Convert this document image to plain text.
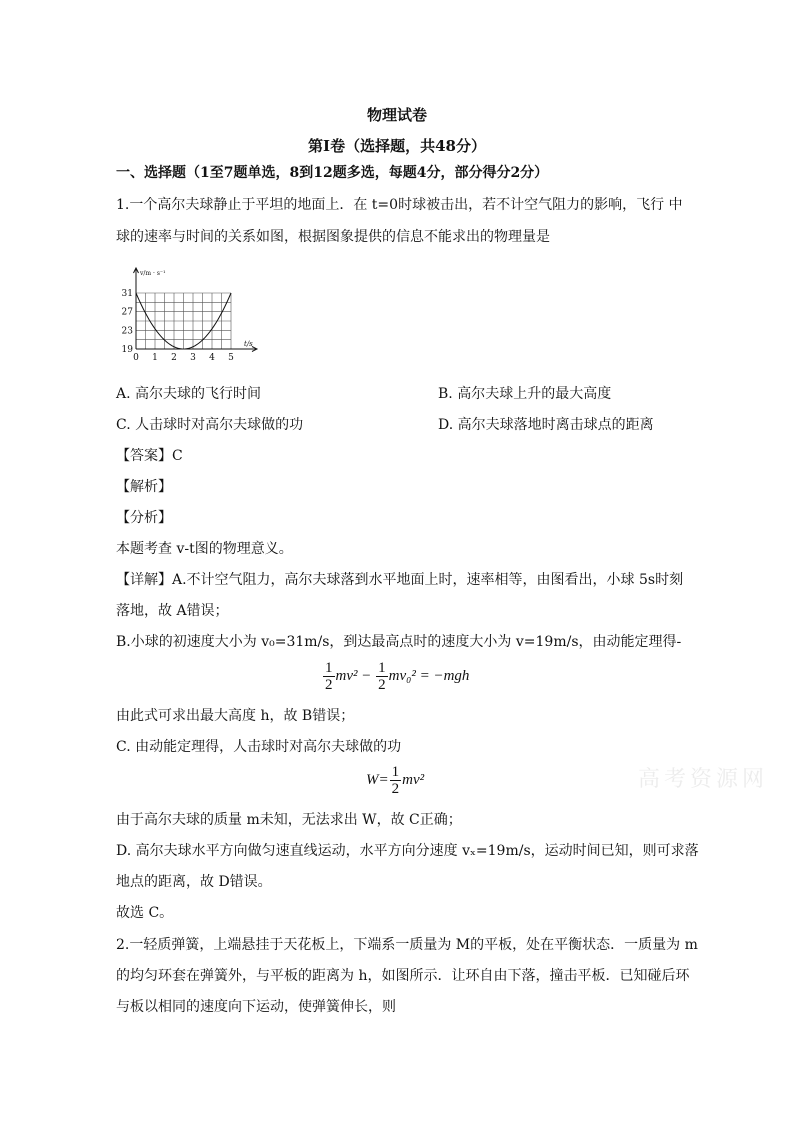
物理试卷
第Ⅰ卷（选择题，共48分）
一、选择题（1至7题单选，8到12题多选，每题4分，部分得分2分）
1.一个高尔夫球静止于平坦的地面上．在 t=0时球被击出，若不计空气阻力的影响，飞行 中
球的速率与时间的关系如图，根据图象提供的信息不能求出的物理量是
0 1 2 3 4 5
19
23
27
31
v/m · s⁻¹
t/s
A. 高尔夫球的飞行时间	B. 高尔夫球上升的最大高度
C. 人击球时对高尔夫球做的功	D. 高尔夫球落地时离击球点的距离
【答案】C
【解析】
【分析】
本题考查 v-t图的物理意义。
【详解】A.不计空气阻力，高尔夫球落到水平地面上时，速率相等，由图看出，小球 5s时刻
落地，故 A错误；
B.小球的初速度大小为 v₀=31m/s，到达最高点时的速度大小为 v=19m/s，由动能定理得-
$\frac{1}{2} mv^2 - \frac{1}{2} mv_0^2 = -mgh$
由此式可求出最大高度 h，故 B错误；
C. 由动能定理得，人击球时对高尔夫球做的功
$W= \frac{1}{2} mv^2$	高考资源网
由于高尔夫球的质量 m未知，无法求出 W，故 C正确；
D. 高尔夫球水平方向做匀速直线运动，水平方向分速度 vₓ=19m/s，运动时间已知，则可求落
地点的距离，故 D错误。
故选 C。
2.一轻质弹簧，上端悬挂于天花板上，下端系一质量为 M的平板，处在平衡状态．一质量为 m
的均匀环套在弹簧外，与平板的距离为 h，如图所示．让环自由下落，撞击平板．已知碰后环
与板以相同的速度向下运动，使弹簧伸长，则
